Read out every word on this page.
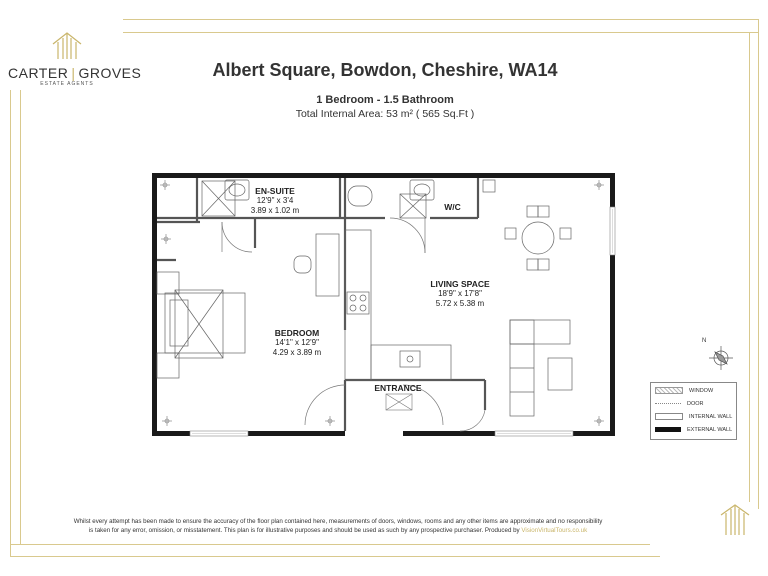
CARTER | GROVES
ESTATE AGENTS
Albert Square, Bowdon, Cheshire, WA14
1 Bedroom - 1.5 Bathroom
Total Internal Area: 53 m² ( 565 Sq.Ft )
EN-SUITE
12'9" x 3'4
3.89 x 1.02 m	W/C
LIVING SPACE
18'9" x 17'8"
5.72 x 5.38 m
BEDROOM
14'1" x 12'9"
4.29 x 3.89 m
ENTRANCE
N
WINDOW
DOOR
INTERNAL WALL
EXTERNAL WALL
Whilst every attempt has been made to ensure the accuracy of the floor plan contained here, measurements of doors, windows, rooms and any other items are approximate and no responsibility
is taken for any error, omission, or misstatement. This plan is for illustrative purposes and should be used as such by any prospective purchaser. Produced by VisionVirtualTours.co.uk
